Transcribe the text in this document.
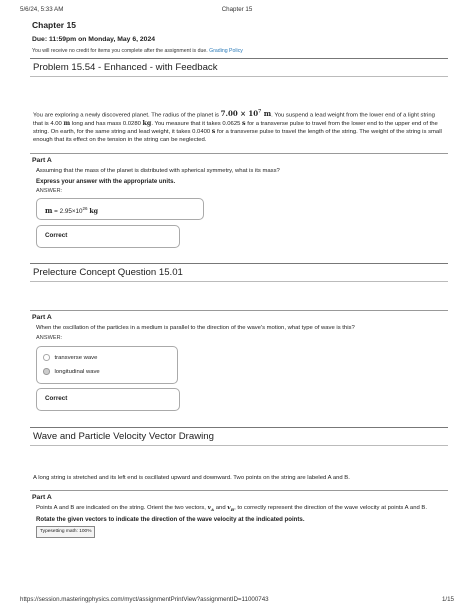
5/6/24, 5:33 AM	Chapter 15
Chapter 15
Due: 11:59pm on Monday, May 6, 2024
You will receive no credit for items you complete after the assignment is due. Grading Policy
Problem 15.54 - Enhanced - with Feedback
You are exploring a newly discovered planet. The radius of the planet is $7.00 \times 10^7$ m. You suspend a lead weight from the lower end of a light string that is 4.00 m long and has mass 0.0280 kg. You measure that it takes 0.0625 s for a transverse pulse to travel from the lower end to the upper end of the string. On earth, for the same string and lead weight, it takes 0.0400 s for a transverse pulse to travel the length of the string. The weight of the string is small enough that its effect on the tension in the string can be neglected.
Part A
Assuming that the mass of the planet is distributed with spherical symmetry, what is its mass?
Express your answer with the appropriate units.
ANSWER:
$m = 2.95\times 10^{26}$ kg
Correct
Prelecture Concept Question 15.01
Part A
When the oscillation of the particles in a medium is parallel to the direction of the wave's motion, what type of wave is this?
ANSWER:
transverse wave
longitudinal wave
Correct
Wave and Particle Velocity Vector Drawing
A long string is stretched and its left end is oscillated upward and downward. Two points on the string are labeled A and B.
Part A
Points A and B are indicated on the string. Orient the two vectors, $v_A$ and $v_B$, to correctly represent the direction of the wave velocity at points A and B.
Rotate the given vectors to indicate the direction of the wave velocity at the indicated points.
Typesetting math: 100%
https://session.masteringphysics.com/myct/assignmentPrintView?assignmentID=11000743	1/15
